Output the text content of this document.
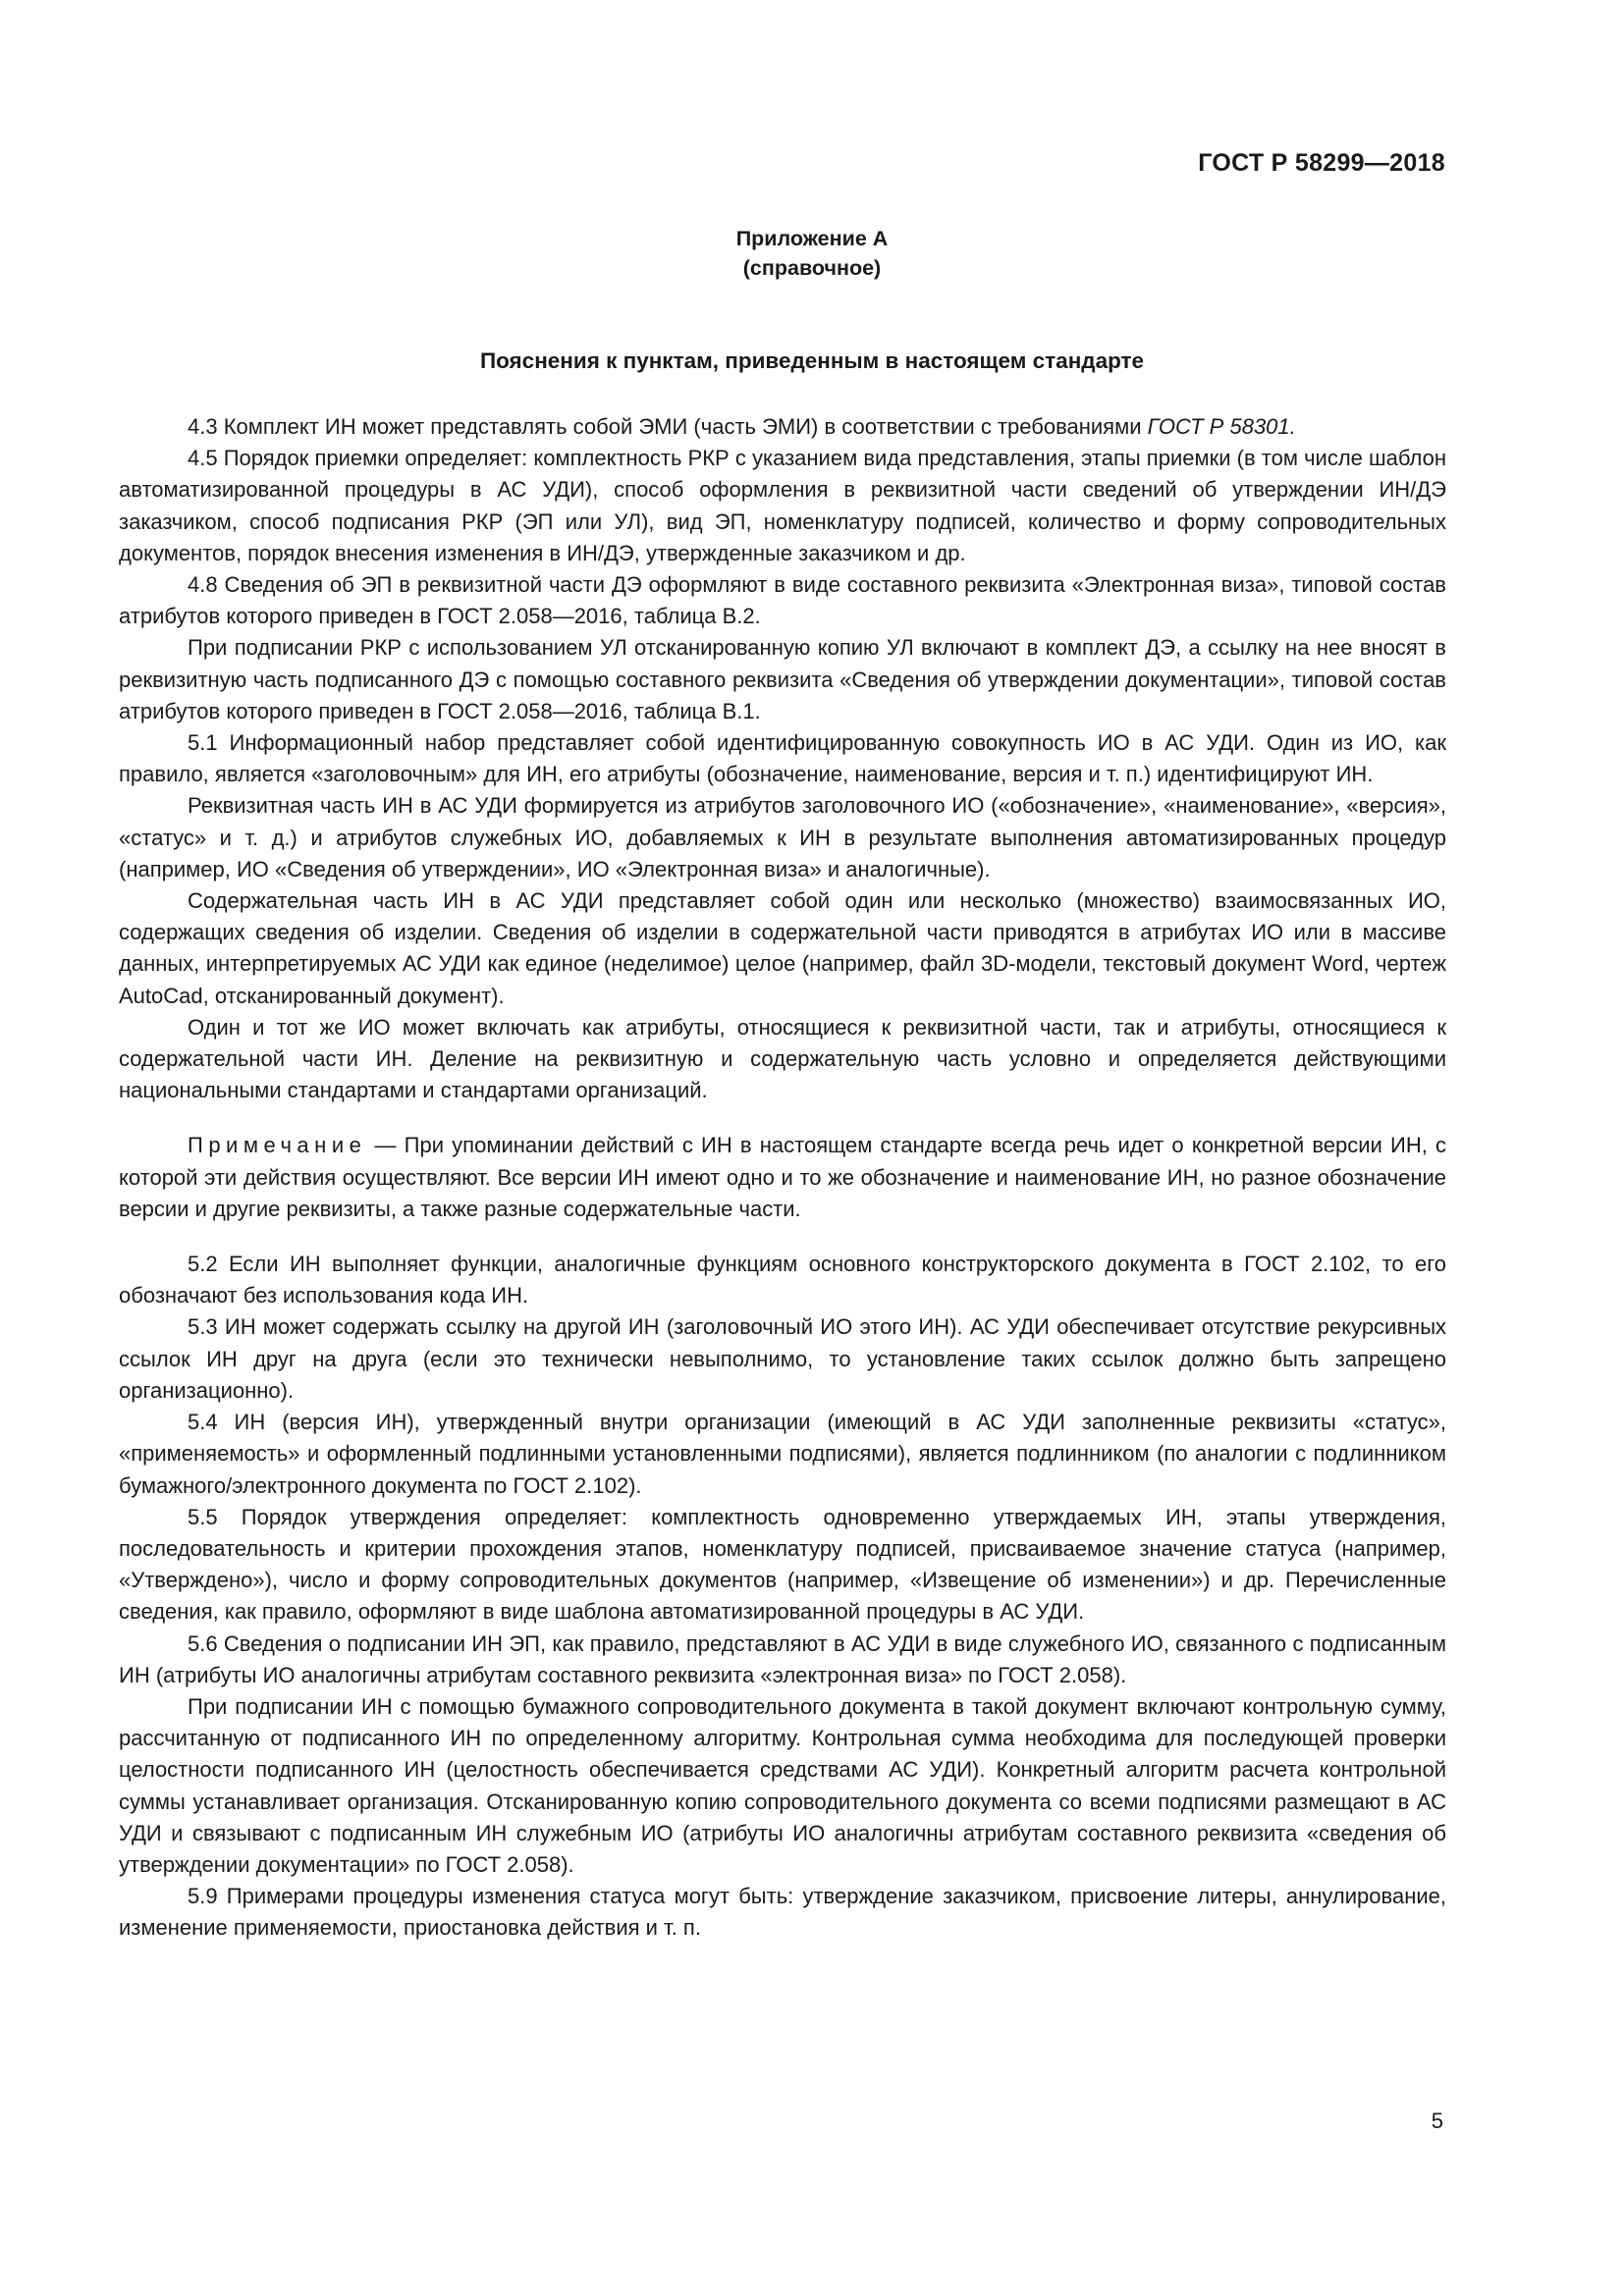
ГОСТ Р 58299—2018
Приложение А
(справочное)
Пояснения к пунктам, приведенным в настоящем стандарте

4.3 Комплект ИН может представлять собой ЭМИ (часть ЭМИ) в соответствии с требованиями ГОСТ Р 58301.

4.5 Порядок приемки определяет: комплектность РКР с указанием вида представления, этапы приемки (в том числе шаблон автоматизированной процедуры в АС УДИ), способ оформления в реквизитной части сведений об утверждении ИН/ДЭ заказчиком, способ подписания РКР (ЭП или УЛ), вид ЭП, номенклатуру подписей, количество и форму сопроводительных документов, порядок внесения изменения в ИН/ДЭ, утвержденные заказчиком и др.

4.8 Сведения об ЭП в реквизитной части ДЭ оформляют в виде составного реквизита «Электронная виза», типовой состав атрибутов которого приведен в ГОСТ 2.058—2016, таблица В.2.

При подписании РКР с использованием УЛ отсканированную копию УЛ включают в комплект ДЭ, а ссылку на нее вносят в реквизитную часть подписанного ДЭ с помощью составного реквизита «Сведения об утверждении документации», типовой состав атрибутов которого приведен в ГОСТ 2.058—2016, таблица В.1.

5.1 Информационный набор представляет собой идентифицированную совокупность ИО в АС УДИ. Один из ИО, как правило, является «заголовочным» для ИН, его атрибуты (обозначение, наименование, версия и т. п.) идентифицируют ИН.

Реквизитная часть ИН в АС УДИ формируется из атрибутов заголовочного ИО («обозначение», «наименование», «версия», «статус» и т. д.) и атрибутов служебных ИО, добавляемых к ИН в результате выполнения автоматизированных процедур (например, ИО «Сведения об утверждении», ИО «Электронная виза» и аналогичные).

Содержательная часть ИН в АС УДИ представляет собой один или несколько (множество) взаимосвязанных ИО, содержащих сведения об изделии. Сведения об изделии в содержательной части приводятся в атрибутах ИО или в массиве данных, интерпретируемых АС УДИ как единое (неделимое) целое (например, файл 3D-модели, текстовый документ Word, чертеж AutoCad, отсканированный документ).

Один и тот же ИО может включать как атрибуты, относящиеся к реквизитной части, так и атрибуты, относящиеся к содержательной части ИН. Деление на реквизитную и содержательную часть условно и определяется действующими национальными стандартами и стандартами организаций.

Примечание — При упоминании действий с ИН в настоящем стандарте всегда речь идет о конкретной версии ИН, с которой эти действия осуществляют. Все версии ИН имеют одно и то же обозначение и наименование ИН, но разное обозначение версии и другие реквизиты, а также разные содержательные части.

5.2 Если ИН выполняет функции, аналогичные функциям основного конструкторского документа в ГОСТ 2.102, то его обозначают без использования кода ИН.

5.3 ИН может содержать ссылку на другой ИН (заголовочный ИО этого ИН). АС УДИ обеспечивает отсутствие рекурсивных ссылок ИН друг на друга (если это технически невыполнимо, то установление таких ссылок должно быть запрещено организационно).

5.4 ИН (версия ИН), утвержденный внутри организации (имеющий в АС УДИ заполненные реквизиты «статус», «применяемость» и оформленный подлинными установленными подписями), является подлинником (по аналогии с подлинником бумажного/электронного документа по ГОСТ 2.102).

5.5 Порядок утверждения определяет: комплектность одновременно утверждаемых ИН, этапы утверждения, последовательность и критерии прохождения этапов, номенклатуру подписей, присваиваемое значение статуса (например, «Утверждено»), число и форму сопроводительных документов (например, «Извещение об изменении») и др. Перечисленные сведения, как правило, оформляют в виде шаблона автоматизированной процедуры в АС УДИ.

5.6 Сведения о подписании ИН ЭП, как правило, представляют в АС УДИ в виде служебного ИО, связанного с подписанным ИН (атрибуты ИО аналогичны атрибутам составного реквизита «электронная виза» по ГОСТ 2.058).

При подписании ИН с помощью бумажного сопроводительного документа в такой документ включают контрольную сумму, рассчитанную от подписанного ИН по определенному алгоритму. Контрольная сумма необходима для последующей проверки целостности подписанного ИН (целостность обеспечивается средствами АС УДИ). Конкретный алгоритм расчета контрольной суммы устанавливает организация. Отсканированную копию сопроводительного документа со всеми подписями размещают в АС УДИ и связывают с подписанным ИН служебным ИО (атрибуты ИО аналогичны атрибутам составного реквизита «сведения об утверждении документации» по ГОСТ 2.058).

5.9 Примерами процедуры изменения статуса могут быть: утверждение заказчиком, присвоение литеры, аннулирование, изменение применяемости, приостановка действия и т. п.

5
